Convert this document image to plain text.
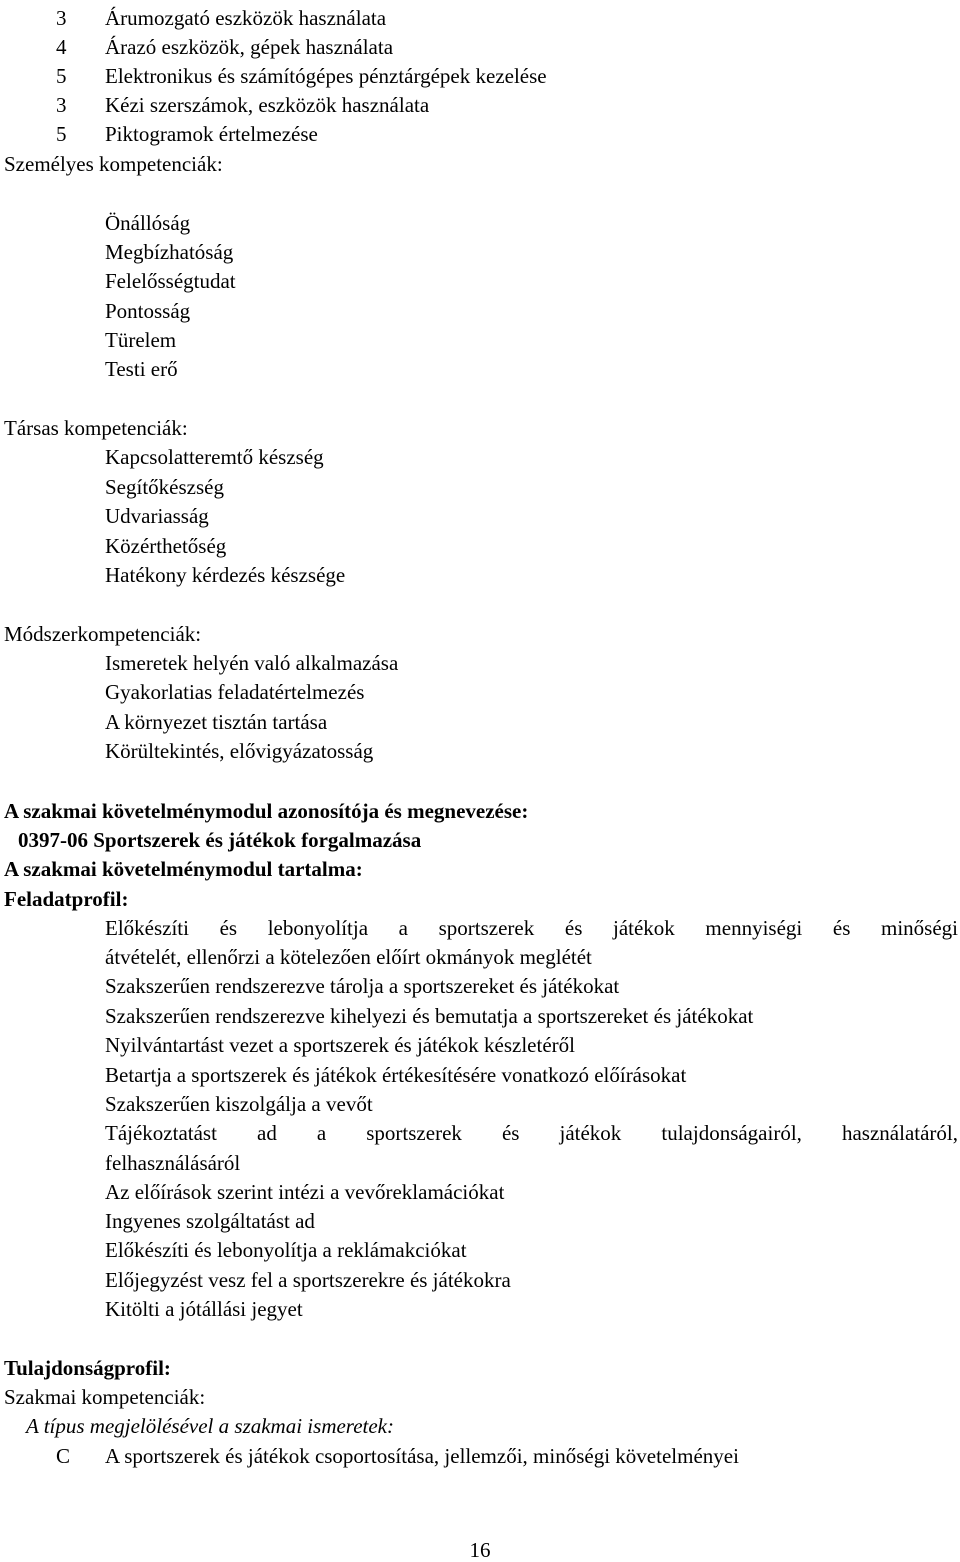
3	Árumozgató eszközök használata
4	Árazó eszközök, gépek használata
5	Elektronikus és számítógépes pénztárgépek kezelése
3	Kézi szerszámok, eszközök használata
5	Piktogramok értelmezése
Személyes kompetenciák:
Önállóság
Megbízhatóság
Felelősségtudat
Pontosság
Türelem
Testi erő
Társas kompetenciák:
Kapcsolatteremtő készség
Segítőkészség
Udvariasság
Közérthetőség
Hatékony kérdezés készsége
Módszerkompetenciák:
Ismeretek helyén való alkalmazása
Gyakorlatias feladatértelmezés
A környezet tisztán tartása
Körültekintés, elővigyázatosság
A szakmai követelménymodul azonosítója és megnevezése:
0397-06 Sportszerek és játékok forgalmazása
A szakmai követelménymodul tartalma:
Feladatprofil:
Előkészíti és lebonyolítja a sportszerek és játékok mennyiségi és minőségi
átvételét, ellenőrzi a kötelezően előírt okmányok meglétét
Szakszerűen rendszerezve tárolja a sportszereket és játékokat
Szakszerűen rendszerezve kihelyezi és bemutatja a sportszereket és játékokat
Nyilvántartást vezet a sportszerek és játékok készletéről
Betartja a sportszerek és játékok értékesítésére vonatkozó előírásokat
Szakszerűen kiszolgálja a vevőt
Tájékoztatást ad a sportszerek és játékok tulajdonságairól, használatáról,
felhasználásáról
Az előírások szerint intézi a vevőreklamációkat
Ingyenes szolgáltatást ad
Előkészíti és lebonyolítja a reklámakciókat
Előjegyzést vesz fel a sportszerekre és játékokra
Kitölti a jótállási jegyet
Tulajdonságprofil:
Szakmai kompetenciák:
A típus megjelölésével a szakmai ismeretek:
C A sportszerek és játékok csoportosítása, jellemzői, minőségi követelményei
16
